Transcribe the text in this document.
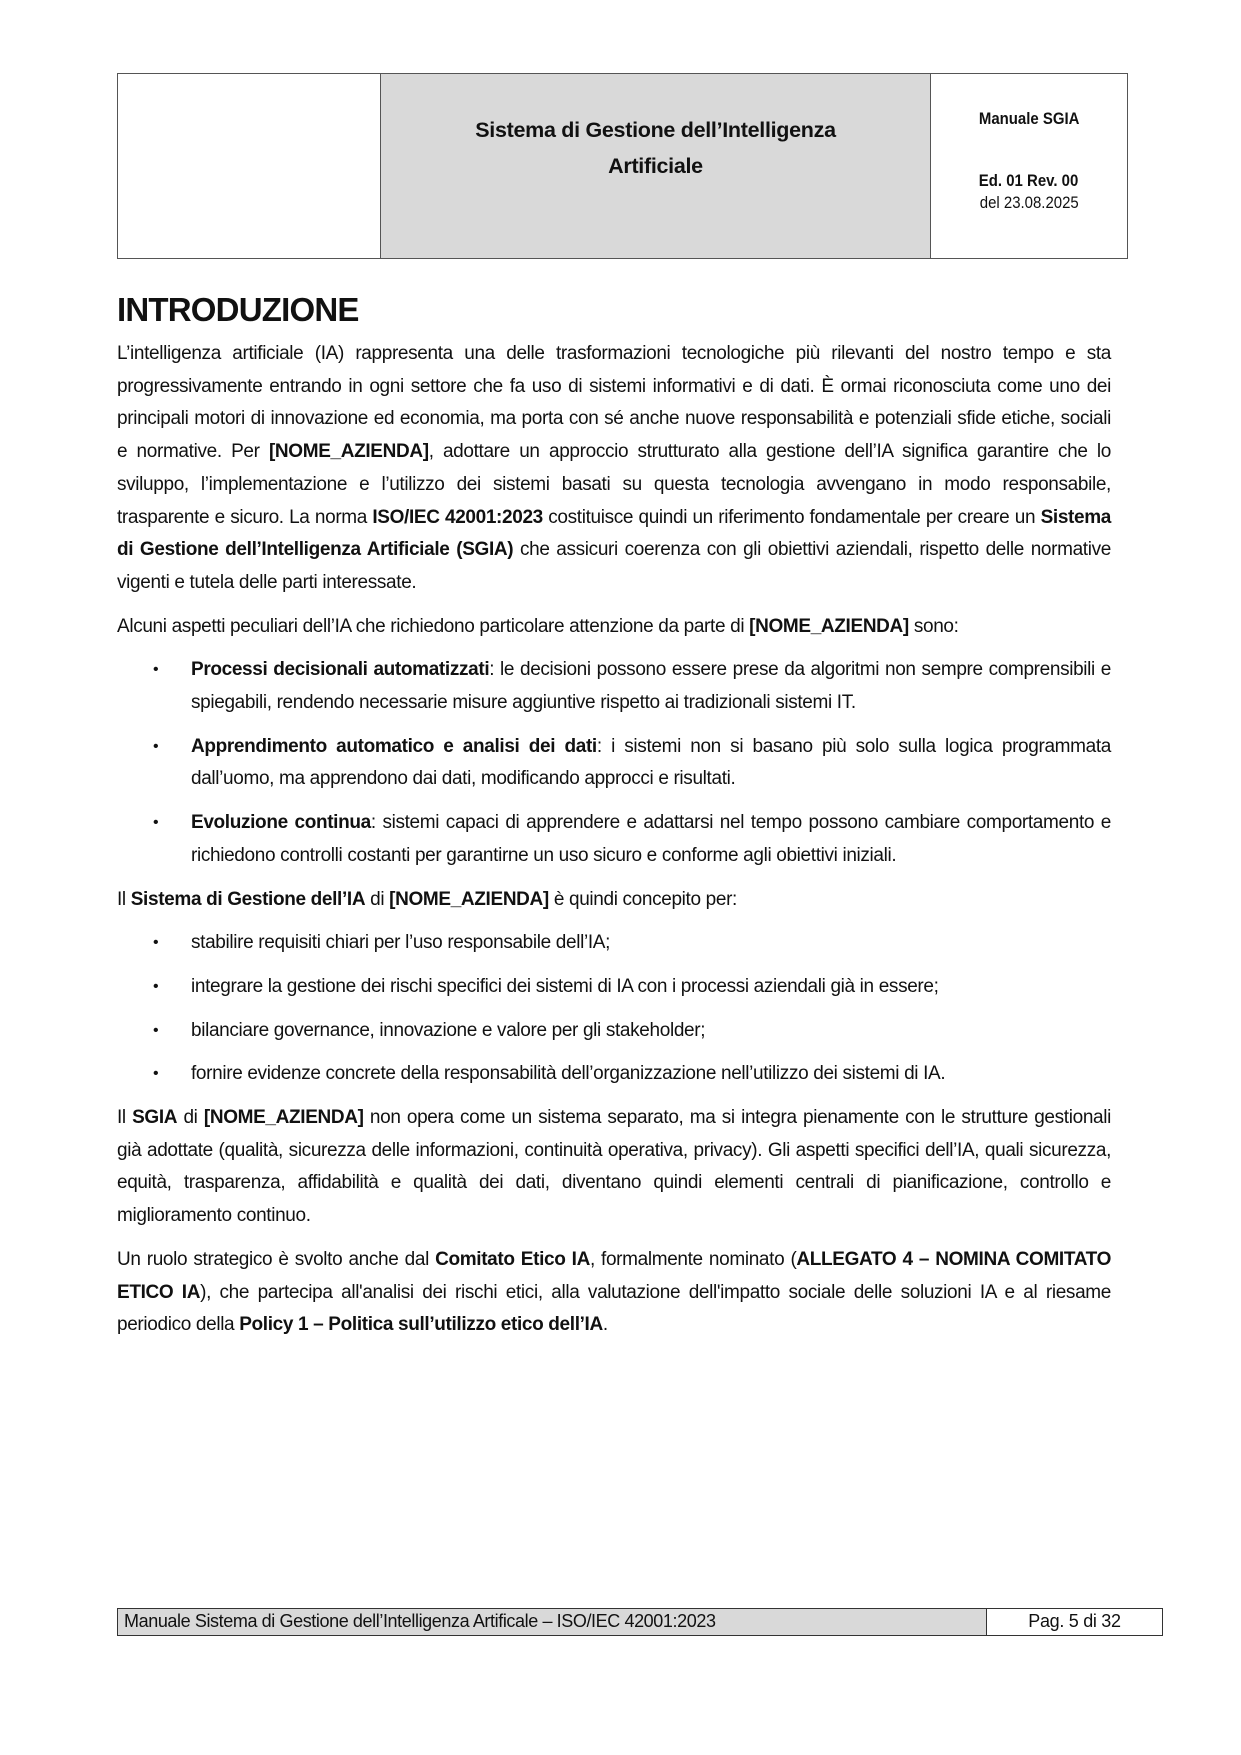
Sistema di Gestione dell’Intelligenza Artificiale
Manuale SGIA
Ed. 01 Rev. 00
del 23.08.2025
INTRODUZIONE

L’intelligenza artificiale (IA) rappresenta una delle trasformazioni tecnologiche più rilevanti del nostro tempo e sta progressivamente entrando in ogni settore che fa uso di sistemi informativi e di dati. È ormai riconosciuta come uno dei principali motori di innovazione ed economia, ma porta con sé anche nuove responsabilità e potenziali sfide etiche, sociali e normative. Per [NOME_AZIENDA], adottare un approccio strutturato alla gestione dell’IA significa garantire che lo sviluppo, l’implementazione e l’utilizzo dei sistemi basati su questa tecnologia avvengano in modo responsabile, trasparente e sicuro. La norma ISO/IEC 42001:2023 costituisce quindi un riferimento fondamentale per creare un Sistema di Gestione dell’Intelligenza Artificiale (SGIA) che assicuri coerenza con gli obiettivi aziendali, rispetto delle normative vigenti e tutela delle parti interessate.

Alcuni aspetti peculiari dell’IA che richiedono particolare attenzione da parte di [NOME_AZIENDA] sono:

• Processi decisionali automatizzati: le decisioni possono essere prese da algoritmi non sempre comprensibili e spiegabili, rendendo necessarie misure aggiuntive rispetto ai tradizionali sistemi IT.
• Apprendimento automatico e analisi dei dati: i sistemi non si basano più solo sulla logica programmata dall’uomo, ma apprendono dai dati, modificando approcci e risultati.
• Evoluzione continua: sistemi capaci di apprendere e adattarsi nel tempo possono cambiare comportamento e richiedono controlli costanti per garantirne un uso sicuro e conforme agli obiettivi iniziali.

Il Sistema di Gestione dell’IA di [NOME_AZIENDA] è quindi concepito per:

• stabilire requisiti chiari per l’uso responsabile dell’IA;
• integrare la gestione dei rischi specifici dei sistemi di IA con i processi aziendali già in essere;
• bilanciare governance, innovazione e valore per gli stakeholder;
• fornire evidenze concrete della responsabilità dell’organizzazione nell’utilizzo dei sistemi di IA.

Il SGIA di [NOME_AZIENDA] non opera come un sistema separato, ma si integra pienamente con le strutture gestionali già adottate (qualità, sicurezza delle informazioni, continuità operativa, privacy). Gli aspetti specifici dell’IA, quali sicurezza, equità, trasparenza, affidabilità e qualità dei dati, diventano quindi elementi centrali di pianificazione, controllo e miglioramento continuo.

Un ruolo strategico è svolto anche dal Comitato Etico IA, formalmente nominato (ALLEGATO 4 – NOMINA COMITATO ETICO IA), che partecipa all'analisi dei rischi etici, alla valutazione dell'impatto sociale delle soluzioni IA e al riesame periodico della Policy 1 – Politica sull’utilizzo etico dell’IA.

Manuale Sistema di Gestione dell’Intelligenza Artificale – ISO/IEC 42001:2023	Pag. 5 di 32
